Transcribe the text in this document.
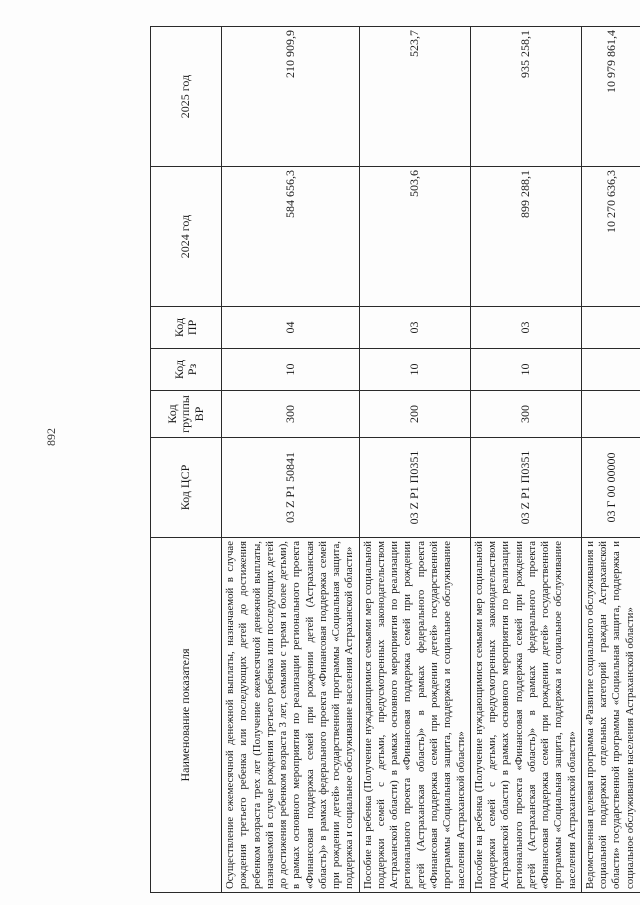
892
Наименование показателя	Код ЦСР	Код группы ВР	Код Рз	Код ПР	2024 год	2025 год
Осуществление ежемесячной денежной выплаты, назначаемой в случае рождения третьего ребенка или последующих детей до достижения ребенком возраста трех лет (Получение ежемесячной денежной выплаты, назначаемой в случае рождения третьего ребенка или последующих детей до достижения ребенком возраста 3 лет, семьями с тремя и более детьми), в рамках основного мероприятия по реализации регионального проекта «Финансовая поддержка семей при рождении детей (Астраханская область)» в рамках федерального проекта «Финансовая поддержка семей при рождении детей» государственной программы «Социальная защита, поддержка и социальное обслуживание населения Астраханской области»	03 Z P1 50841	300	10	04	584 656,3	210 909,9
Пособие на ребенка (Получение нуждающимися семьями мер социальной поддержки семей с детьми, предусмотренных законодательством Астраханской области) в рамках основного мероприятия по реализации регионального проекта «Финансовая поддержка семей при рождении детей (Астраханская область)» в рамках федерального проекта «Финансовая поддержка семей при рождении детей» государственной программы «Социальная защита, поддержка и социальное обслуживание населения Астраханской области»	03 Z P1 П0351	200	10	03	503,6	523,7
Пособие на ребенка (Получение нуждающимися семьями мер социальной поддержки семей с детьми, предусмотренных законодательством Астраханской области) в рамках основного мероприятия по реализации регионального проекта «Финансовая поддержка семей при рождении детей (Астраханская область)» в рамках федерального проекта «Финансовая поддержка семей при рождении детей» государственной программы «Социальная защита, поддержка и социальное обслуживание населения Астраханской области»	03 Z P1 П0351	300	10	03	899 288,1	935 258,1
Ведомственная целевая программа «Развитие социального обслуживания и социальной поддержки отдельных категорий граждан Астраханской области» государственной программы «Социальная защита, поддержка и социальное обслуживание населения Астраханской области»	03 Г 00 00000				10 270 636,3	10 979 861,4
